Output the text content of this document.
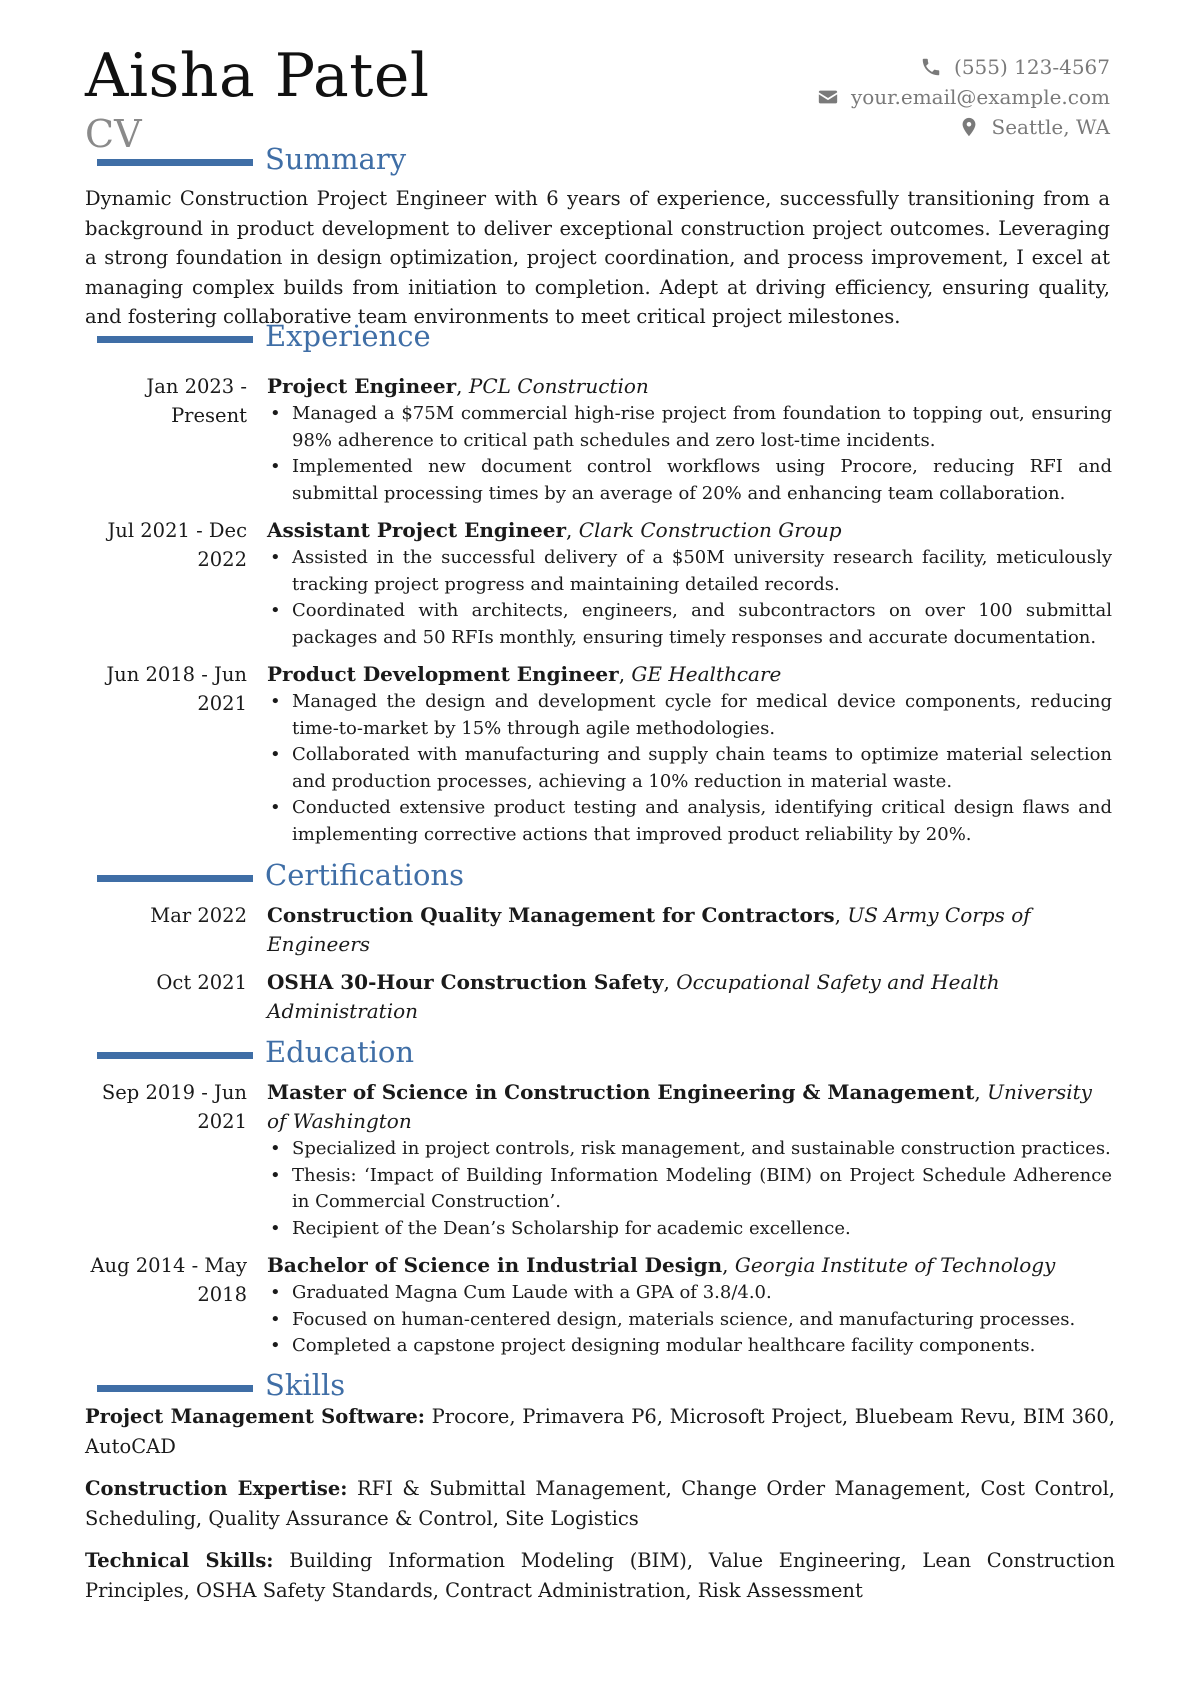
Aisha Patel
CV
(555) 123-4567
your.email@example.com
Seattle, WA
Summary
Dynamic Construction Project Engineer with 6 years of experience, successfully transitioning from a background in product development to deliver exceptional construction project outcomes. Leveraging a strong foundation in design optimization, project coordination, and process improvement, I excel at managing complex builds from initiation to completion. Adept at driving efficiency, ensuring quality, and fostering collaborative team environments to meet critical project milestones.
Experience
Jan 2023 - Present
Project Engineer, PCL Construction
• Managed a $75M commercial high-rise project from foundation to topping out, ensuring 98% adherence to critical path schedules and zero lost-time incidents.
• Implemented new document control workflows using Procore, reducing RFI and submittal processing times by an average of 20% and enhancing team collaboration.
Jul 2021 - Dec 2022
Assistant Project Engineer, Clark Construction Group
• Assisted in the successful delivery of a $50M university research facility, meticulously tracking project progress and maintaining detailed records.
• Coordinated with architects, engineers, and subcontractors on over 100 submittal packages and 50 RFIs monthly, ensuring timely responses and accurate documentation.
Jun 2018 - Jun 2021
Product Development Engineer, GE Healthcare
• Managed the design and development cycle for medical device components, reducing time-to-market by 15% through agile methodologies.
• Collaborated with manufacturing and supply chain teams to optimize material selection and production processes, achieving a 10% reduction in material waste.
• Conducted extensive product testing and analysis, identifying critical design flaws and implementing corrective actions that improved product reliability by 20%.
Certifications
Mar 2022 Construction Quality Management for Contractors, US Army Corps of Engineers
Oct 2021 OSHA 30-Hour Construction Safety, Occupational Safety and Health Administration
Education
Sep 2019 - Jun 2021
Master of Science in Construction Engineering & Management, University of Washington
• Specialized in project controls, risk management, and sustainable construction practices.
• Thesis: ‘Impact of Building Information Modeling (BIM) on Project Schedule Adherence in Commercial Construction’.
• Recipient of the Dean’s Scholarship for academic excellence.
Aug 2014 - May 2018
Bachelor of Science in Industrial Design, Georgia Institute of Technology
• Graduated Magna Cum Laude with a GPA of 3.8/4.0.
• Focused on human-centered design, materials science, and manufacturing processes.
• Completed a capstone project designing modular healthcare facility components.
Skills
Project Management Software: Procore, Primavera P6, Microsoft Project, Bluebeam Revu, BIM 360, AutoCAD
Construction Expertise: RFI & Submittal Management, Change Order Management, Cost Control, Scheduling, Quality Assurance & Control, Site Logistics
Technical Skills: Building Information Modeling (BIM), Value Engineering, Lean Construction Principles, OSHA Safety Standards, Contract Administration, Risk Assessment
